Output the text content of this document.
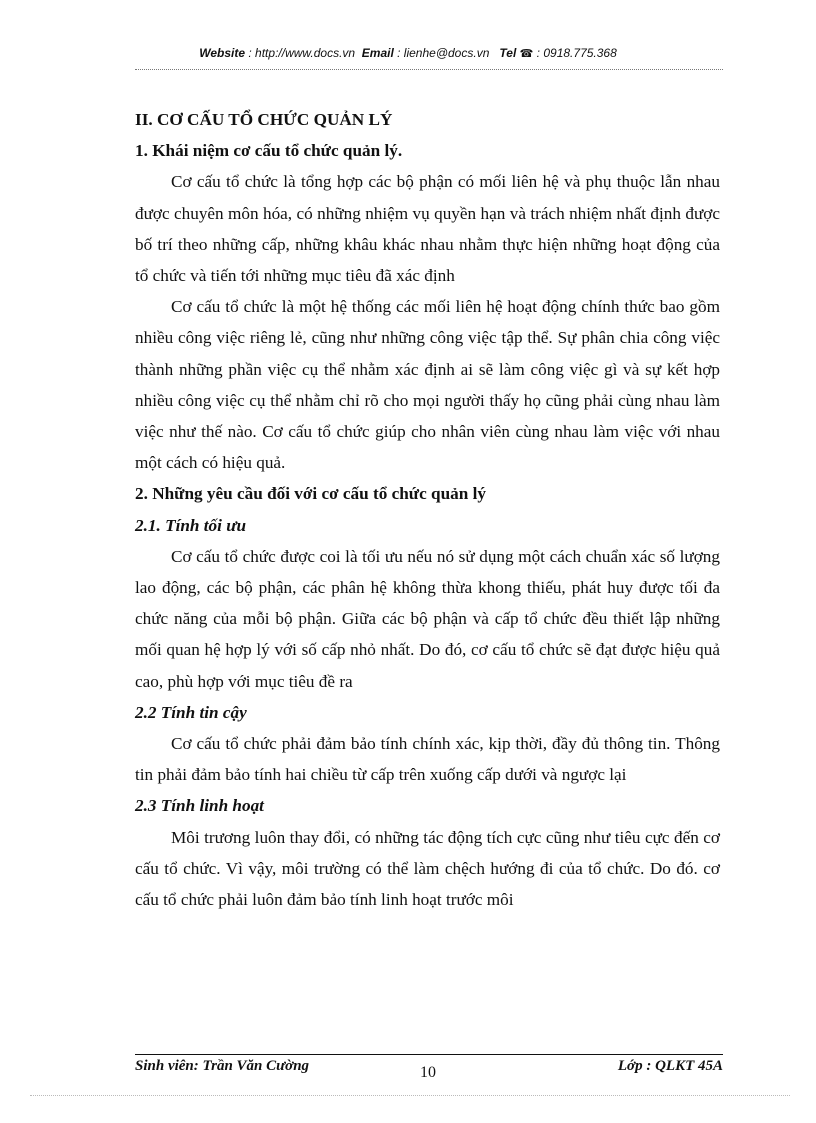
Website : http://www.docs.vn Email : lienhe@docs.vn Tel ☎ : 0918.775.368
II. CƠ CẤU TỔ CHỨC QUẢN LÝ
1. Khái niệm cơ cấu tổ chức quản lý.

Cơ cấu tổ chức là tổng hợp các bộ phận có mối liên hệ và phụ thuộc lẫn nhau được chuyên môn hóa, có những nhiệm vụ quyền hạn và trách nhiệm nhất định được bố trí theo những cấp, những khâu khác nhau nhằm thực hiện những hoạt động của tổ chức và tiến tới những mục tiêu đã xác định

Cơ cấu tổ chức là một hệ thống các mối liên hệ hoạt động chính thức bao gồm nhiều công việc riêng lẻ, cũng như những công việc tập thể. Sự phân chia công việc thành những phần việc cụ thể nhằm xác định ai sẽ làm công việc gì và sự kết hợp nhiều công việc cụ thể nhằm chỉ rõ cho mọi người thấy họ cũng phải cùng nhau làm việc như thế nào. Cơ cấu tổ chức giúp cho nhân viên cùng nhau làm việc với nhau một cách có hiệu quả.

2. Những yêu cầu đối với cơ cấu tổ chức quản lý
2.1. Tính tối ưu

Cơ cấu tổ chức được coi là tối ưu nếu nó sử dụng một cách chuẩn xác số lượng lao động, các bộ phận, các phân hệ không thừa khong thiếu, phát huy được tối đa chức năng của mỗi bộ phận. Giữa các bộ phận và cấp tổ chức đều thiết lập những mối quan hệ hợp lý với số cấp nhỏ nhất. Do đó, cơ cấu tổ chức sẽ đạt được hiệu quả cao, phù hợp với mục tiêu đề ra

2.2 Tính tin cậy

Cơ cấu tổ chức phải đảm bảo tính chính xác, kịp thời, đầy đủ thông tin. Thông tin phải đảm bảo tính hai chiều từ cấp trên xuống cấp dưới và ngược lại

2.3 Tính linh hoạt

Môi trương luôn thay đổi, có những tác động tích cực cũng như tiêu cực đến cơ cấu tổ chức. Vì vậy, môi trường có thể làm chệch hướng đi của tổ chức. Do đó. cơ cấu tổ chức phải luôn đảm bảo tính linh hoạt trước môi

Sinh viên: Trần Văn Cường	10	Lớp : QLKT 45A
